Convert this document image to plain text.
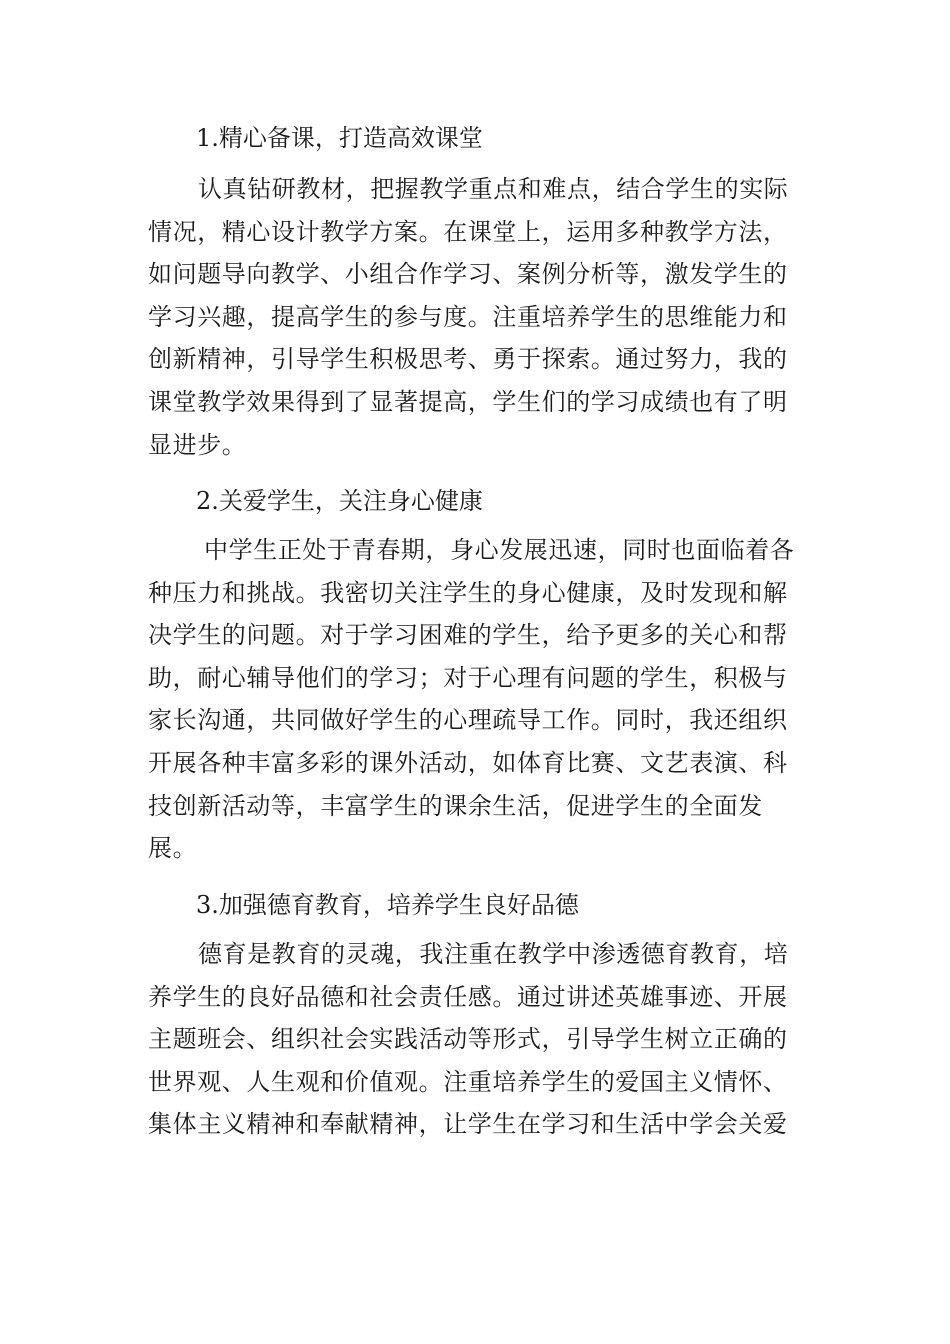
1.精心备课，打造高效课堂
认真钻研教材，把握教学重点和难点，结合学生的实际
情况，精心设计教学方案。在课堂上，运用多种教学方法，
如问题导向教学、小组合作学习、案例分析等，激发学生的
学习兴趣，提高学生的参与度。注重培养学生的思维能力和
创新精神，引导学生积极思考、勇于探索。通过努力，我的
课堂教学效果得到了显著提高，学生们的学习成绩也有了明
显进步。
2.关爱学生，关注身心健康
中学生正处于青春期，身心发展迅速，同时也面临着各
种压力和挑战。我密切关注学生的身心健康，及时发现和解
决学生的问题。对于学习困难的学生，给予更多的关心和帮
助，耐心辅导他们的学习；对于心理有问题的学生，积极与
家长沟通，共同做好学生的心理疏导工作。同时，我还组织
开展各种丰富多彩的课外活动，如体育比赛、文艺表演、科
技创新活动等，丰富学生的课余生活，促进学生的全面发
展。
3.加强德育教育，培养学生良好品德
德育是教育的灵魂，我注重在教学中渗透德育教育，培
养学生的良好品德和社会责任感。通过讲述英雄事迹、开展
主题班会、组织社会实践活动等形式，引导学生树立正确的
世界观、人生观和价值观。注重培养学生的爱国主义情怀、
集体主义精神和奉献精神，让学生在学习和生活中学会关爱
